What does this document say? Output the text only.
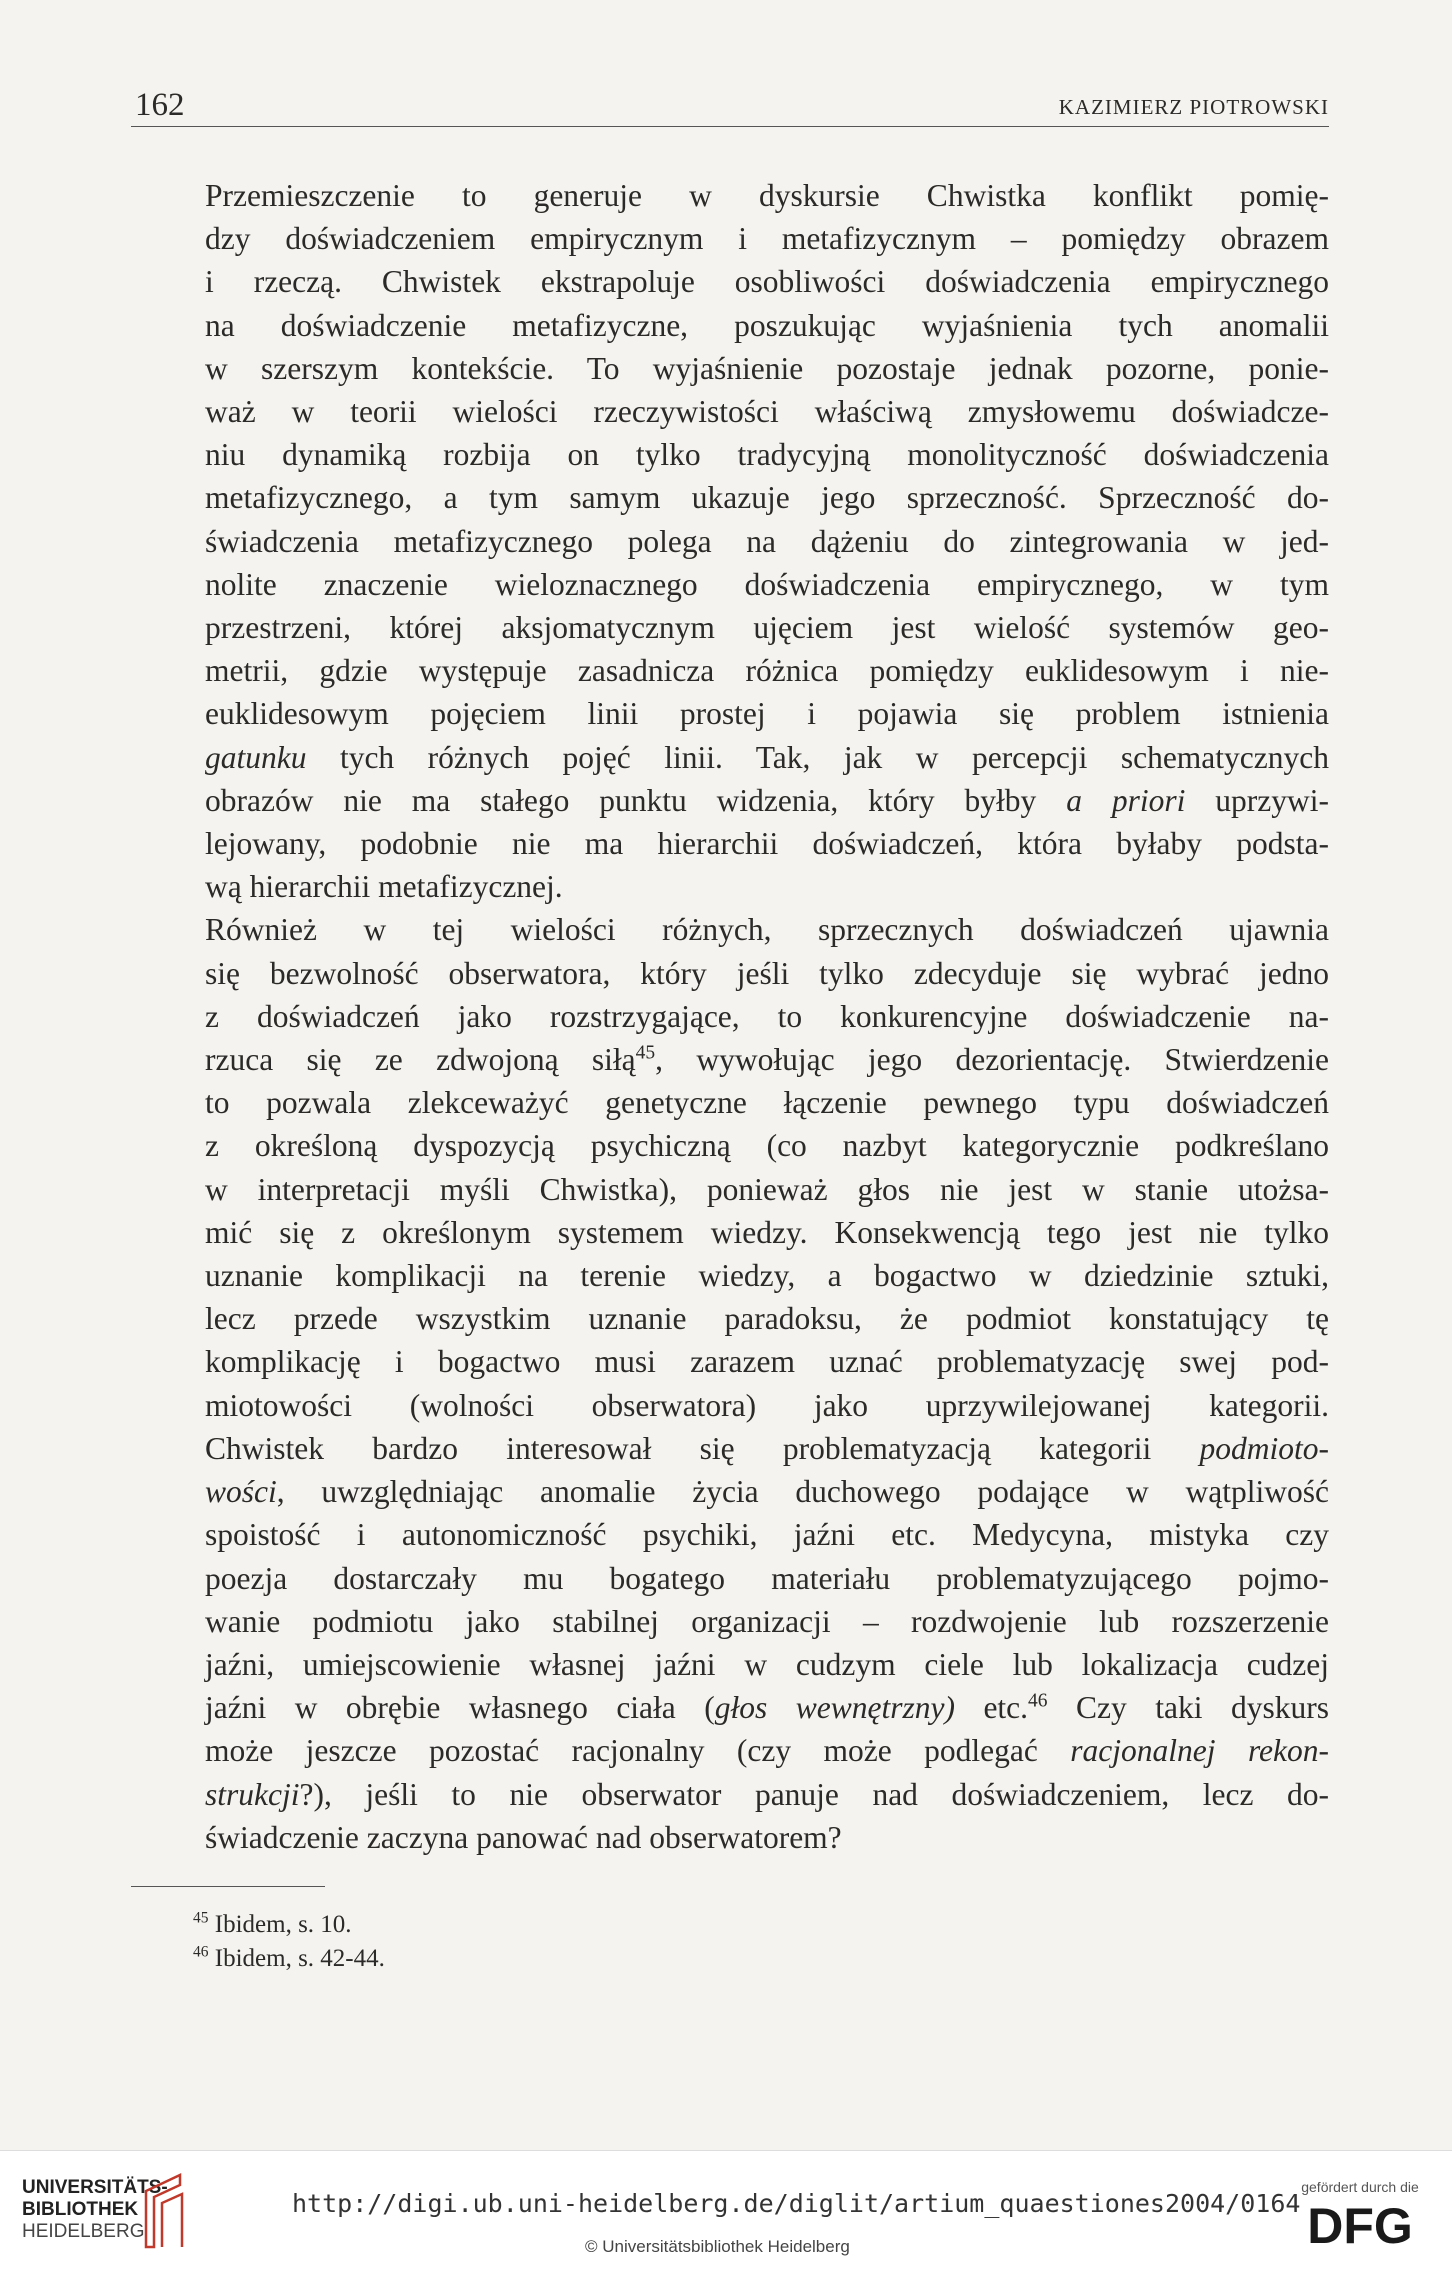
162	KAZIMIERZ PIOTROWSKI

Przemieszczenie to generuje w dyskursie Chwistka konflikt pomię-
dzy doświadczeniem empirycznym i metafizycznym – pomiędzy obrazem
i rzeczą. Chwistek ekstrapoluje osobliwości doświadczenia empirycznego
na doświadczenie metafizyczne, poszukując wyjaśnienia tych anomalii
w szerszym kontekście. To wyjaśnienie pozostaje jednak pozorne, ponie-
waż w teorii wielości rzeczywistości właściwą zmysłowemu doświadcze-
niu dynamiką rozbija on tylko tradycyjną monolityczność doświadczenia
metafizycznego, a tym samym ukazuje jego sprzeczność. Sprzeczność do-
świadczenia metafizycznego polega na dążeniu do zintegrowania w jed-
nolite znaczenie wieloznacznego doświadczenia empirycznego, w tym
przestrzeni, której aksjomatycznym ujęciem jest wielość systemów geo-
metrii, gdzie występuje zasadnicza różnica pomiędzy euklidesowym i nie-
euklidesowym pojęciem linii prostej i pojawia się problem istnienia
gatunku tych różnych pojęć linii. Tak, jak w percepcji schematycznych
obrazów nie ma stałego punktu widzenia, który byłby a priori uprzywi-
lejowany, podobnie nie ma hierarchii doświadczeń, która byłaby podsta-
wą hierarchii metafizycznej.

Również w tej wielości różnych, sprzecznych doświadczeń ujawnia
się bezwolność obserwatora, który jeśli tylko zdecyduje się wybrać jedno
z doświadczeń jako rozstrzygające, to konkurencyjne doświadczenie na-
rzuca się ze zdwojoną siłą$^{45}$, wywołując jego dezorientację. Stwierdzenie
to pozwala zlekceważyć genetyczne łączenie pewnego typu doświadczeń
z określoną dyspozycją psychiczną (co nazbyt kategorycznie podkreślano
w interpretacji myśli Chwistka), ponieważ głos nie jest w stanie utożsa-
mić się z określonym systemem wiedzy. Konsekwencją tego jest nie tylko
uznanie komplikacji na terenie wiedzy, a bogactwo w dziedzinie sztuki,
lecz przede wszystkim uznanie paradoksu, że podmiot konstatujący tę
komplikację i bogactwo musi zarazem uznać problematyzację swej pod-
miotowości (wolności obserwatora) jako uprzywilejowanej kategorii.
Chwistek bardzo interesował się problematyzacją kategorii podmioto-
wości, uwzględniając anomalie życia duchowego podające w wątpliwość
spoistość i autonomiczność psychiki, jaźni etc. Medycyna, mistyka czy
poezja dostarczały mu bogatego materiału problematyzującego pojmo-
wanie podmiotu jako stabilnej organizacji – rozdwojenie lub rozszerzenie
jaźni, umiejscowienie własnej jaźni w cudzym ciele lub lokalizacja cudzej
jaźni w obrębie własnego ciała (głos wewnętrzny) etc.$^{46}$ Czy taki dyskurs
może jeszcze pozostać racjonalny (czy może podlegać racjonalnej rekon-
strukcji?), jeśli to nie obserwator panuje nad doświadczeniem, lecz do-
świadczenie zaczyna panować nad obserwatorem?

$^{45}$ Ibidem, s. 10.
$^{46}$ Ibidem, s. 42-44.
UNIVERSITÄTS-
BIBLIOTHEK
HEIDELBERG
http://digi.ub.uni-heidelberg.de/diglit/artium_quaestiones2004/0164
© Universitätsbibliothek Heidelberg
gefördert durch die
DFG
